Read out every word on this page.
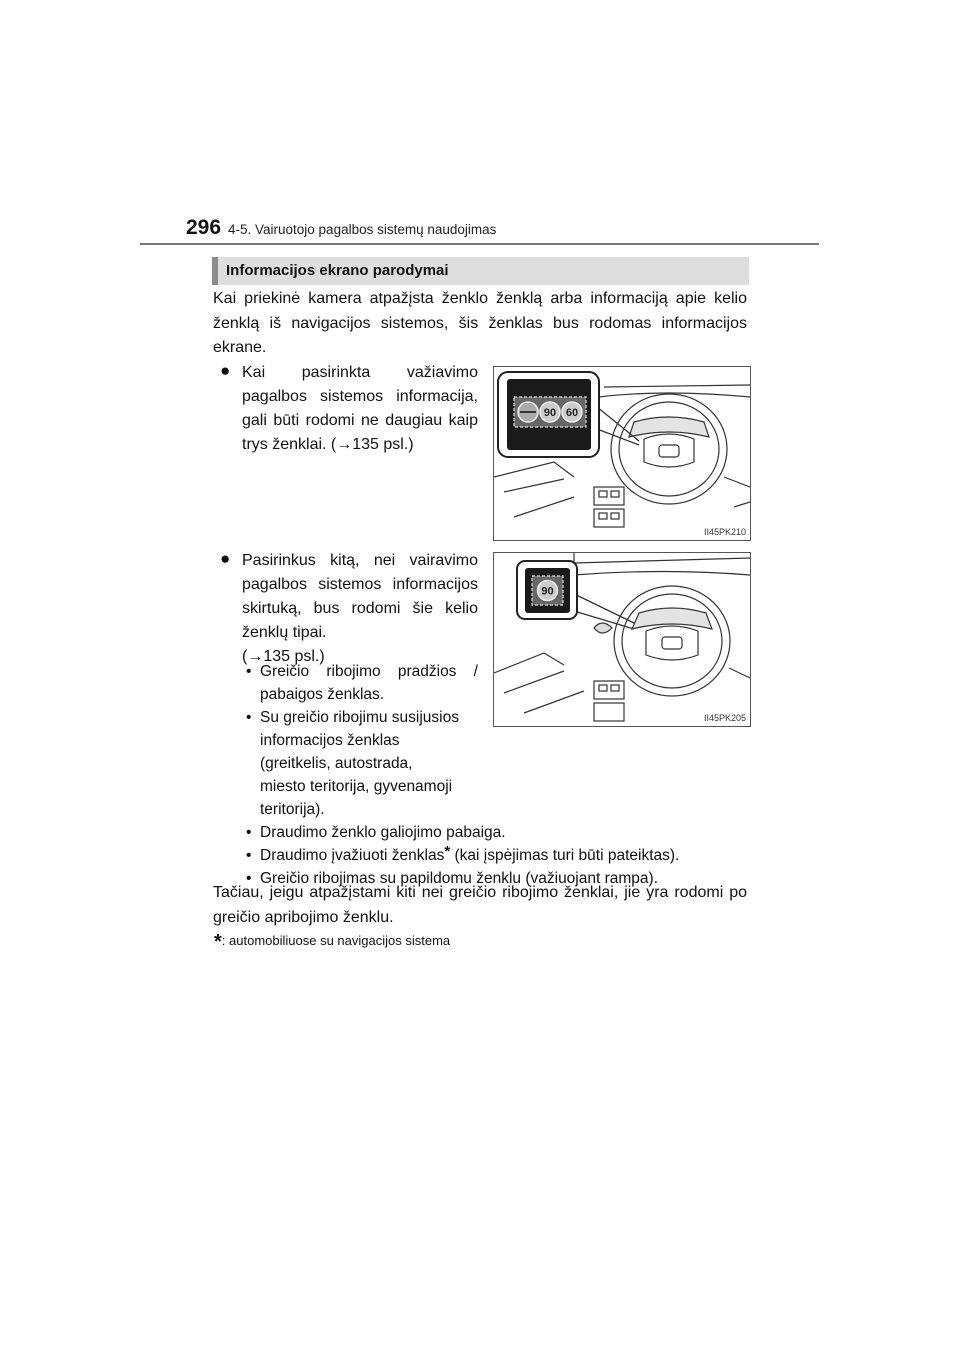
296 4-5. Vairuotojo pagalbos sistemų naudojimas
Informacijos ekrano parodymai
Kai priekinė kamera atpažįsta ženklo ženklą arba informaciją apie kelio ženklą iš navigacijos sistemos, šis ženklas bus rodomas informacijos ekrane.
● Kai pasirinkta važiavimo
pagalbos sistemos informacija,
gali būti rodomi ne daugiau kaip
trys ženklai. (→135 psl.)
90 60
II45PK210
● Pasirinkus kitą, nei vairavimo
pagalbos sistemos informacijos
skirtuką, bus rodomi šie kelio
ženklų tipai.
(→135 psl.)
90
II45PK205
• Greičio ribojimo pradžios /
pabaigos ženklas.
• Su greičio ribojimu susijusios
informacijos ženklas
(greitkelis, autostrada,
miesto teritorija, gyvenamoji
teritorija).
• Draudimo ženklo galiojimo pabaiga.
• Draudimo įvažiuoti ženklas* (kai įspėjimas turi būti pateiktas).
• Greičio ribojimas su papildomu ženklu (važiuojant rampa).
Tačiau, jeigu atpažįstami kiti nei greičio ribojimo ženklai, jie yra rodomi po greičio apribojimo ženklu.
*: automobiliuose su navigacijos sistema
